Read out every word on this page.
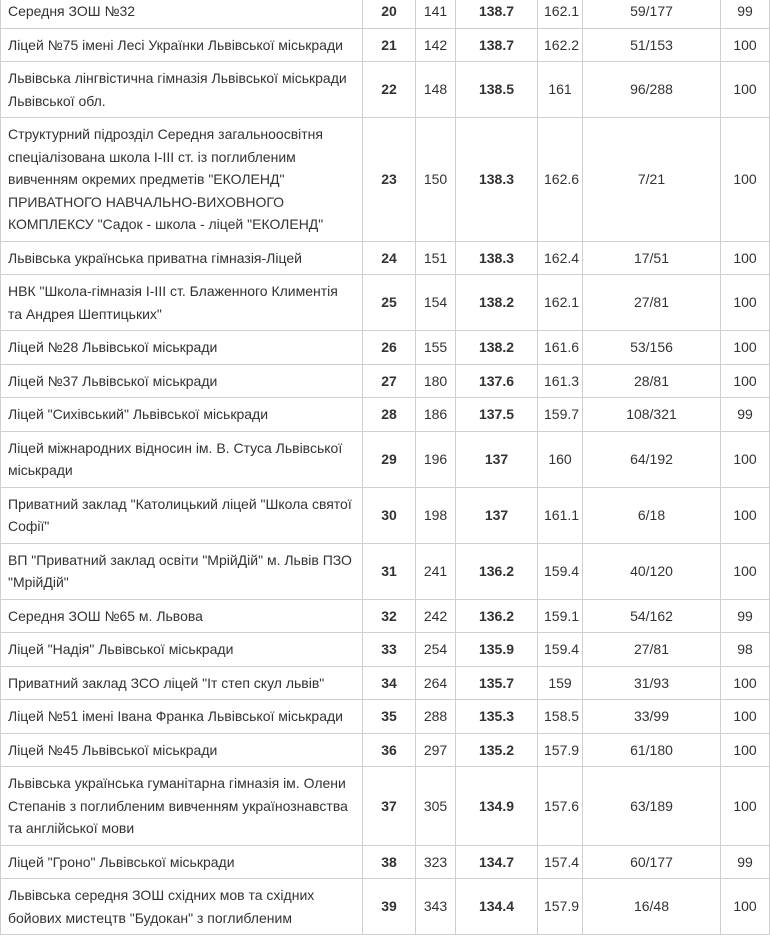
Середня ЗОШ №32	20	141	138.7	162.1	59/177	99
Ліцей №75 імені Лесі Українки Львівської міськради	21	142	138.7	162.2	51/153	100
Львівська лінгвістична гімназія Львівської міськради Львівської обл.	22	148	138.5	161	96/288	100
Структурний підрозділ Середня загальноосвітня спеціалізована школа І-ІІІ ст. із поглибленим вивченням окремих предметів "ЕКОЛЕНД" ПРИВАТНОГО НАВЧАЛЬНО-ВИХОВНОГО КОМПЛЕКСУ "Садок - школа - ліцей "ЕКОЛЕНД"	23	150	138.3	162.6	7/21	100
Львівська українська приватна гімназія-Ліцей	24	151	138.3	162.4	17/51	100
НВК "Школа-гімназія І-ІІІ ст. Блаженного Климентія та Андрея Шептицьких"	25	154	138.2	162.1	27/81	100
Ліцей №28 Львівської міськради	26	155	138.2	161.6	53/156	100
Ліцей №37 Львівської міськради	27	180	137.6	161.3	28/81	100
Ліцей "Сихівський" Львівської міськради	28	186	137.5	159.7	108/321	99
Ліцей міжнародних відносин ім. В. Стуса Львівської міськради	29	196	137	160	64/192	100
Приватний заклад "Католицький ліцей "Школа святої Софії"	30	198	137	161.1	6/18	100
ВП "Приватний заклад освіти "МрійДій" м. Львів ПЗО "МрійДій"	31	241	136.2	159.4	40/120	100
Середня ЗОШ №65 м. Львова	32	242	136.2	159.1	54/162	99
Ліцей "Надія" Львівської міськради	33	254	135.9	159.4	27/81	98
Приватний заклад ЗСО ліцей "Іт степ скул львів"	34	264	135.7	159	31/93	100
Ліцей №51 імені Івана Франка Львівської міськради	35	288	135.3	158.5	33/99	100
Ліцей №45 Львівської міськради	36	297	135.2	157.9	61/180	100
Львівська українська гуманітарна гімназія ім. Олени Степанів з поглибленим вивченням українознавства та англійської мови	37	305	134.9	157.6	63/189	100
Ліцей "Гроно" Львівської міськради	38	323	134.7	157.4	60/177	99
Львівська середня ЗОШ східних мов та східних бойових мистецтв "Будокан" з поглибленим	39	343	134.4	157.9	16/48	100
